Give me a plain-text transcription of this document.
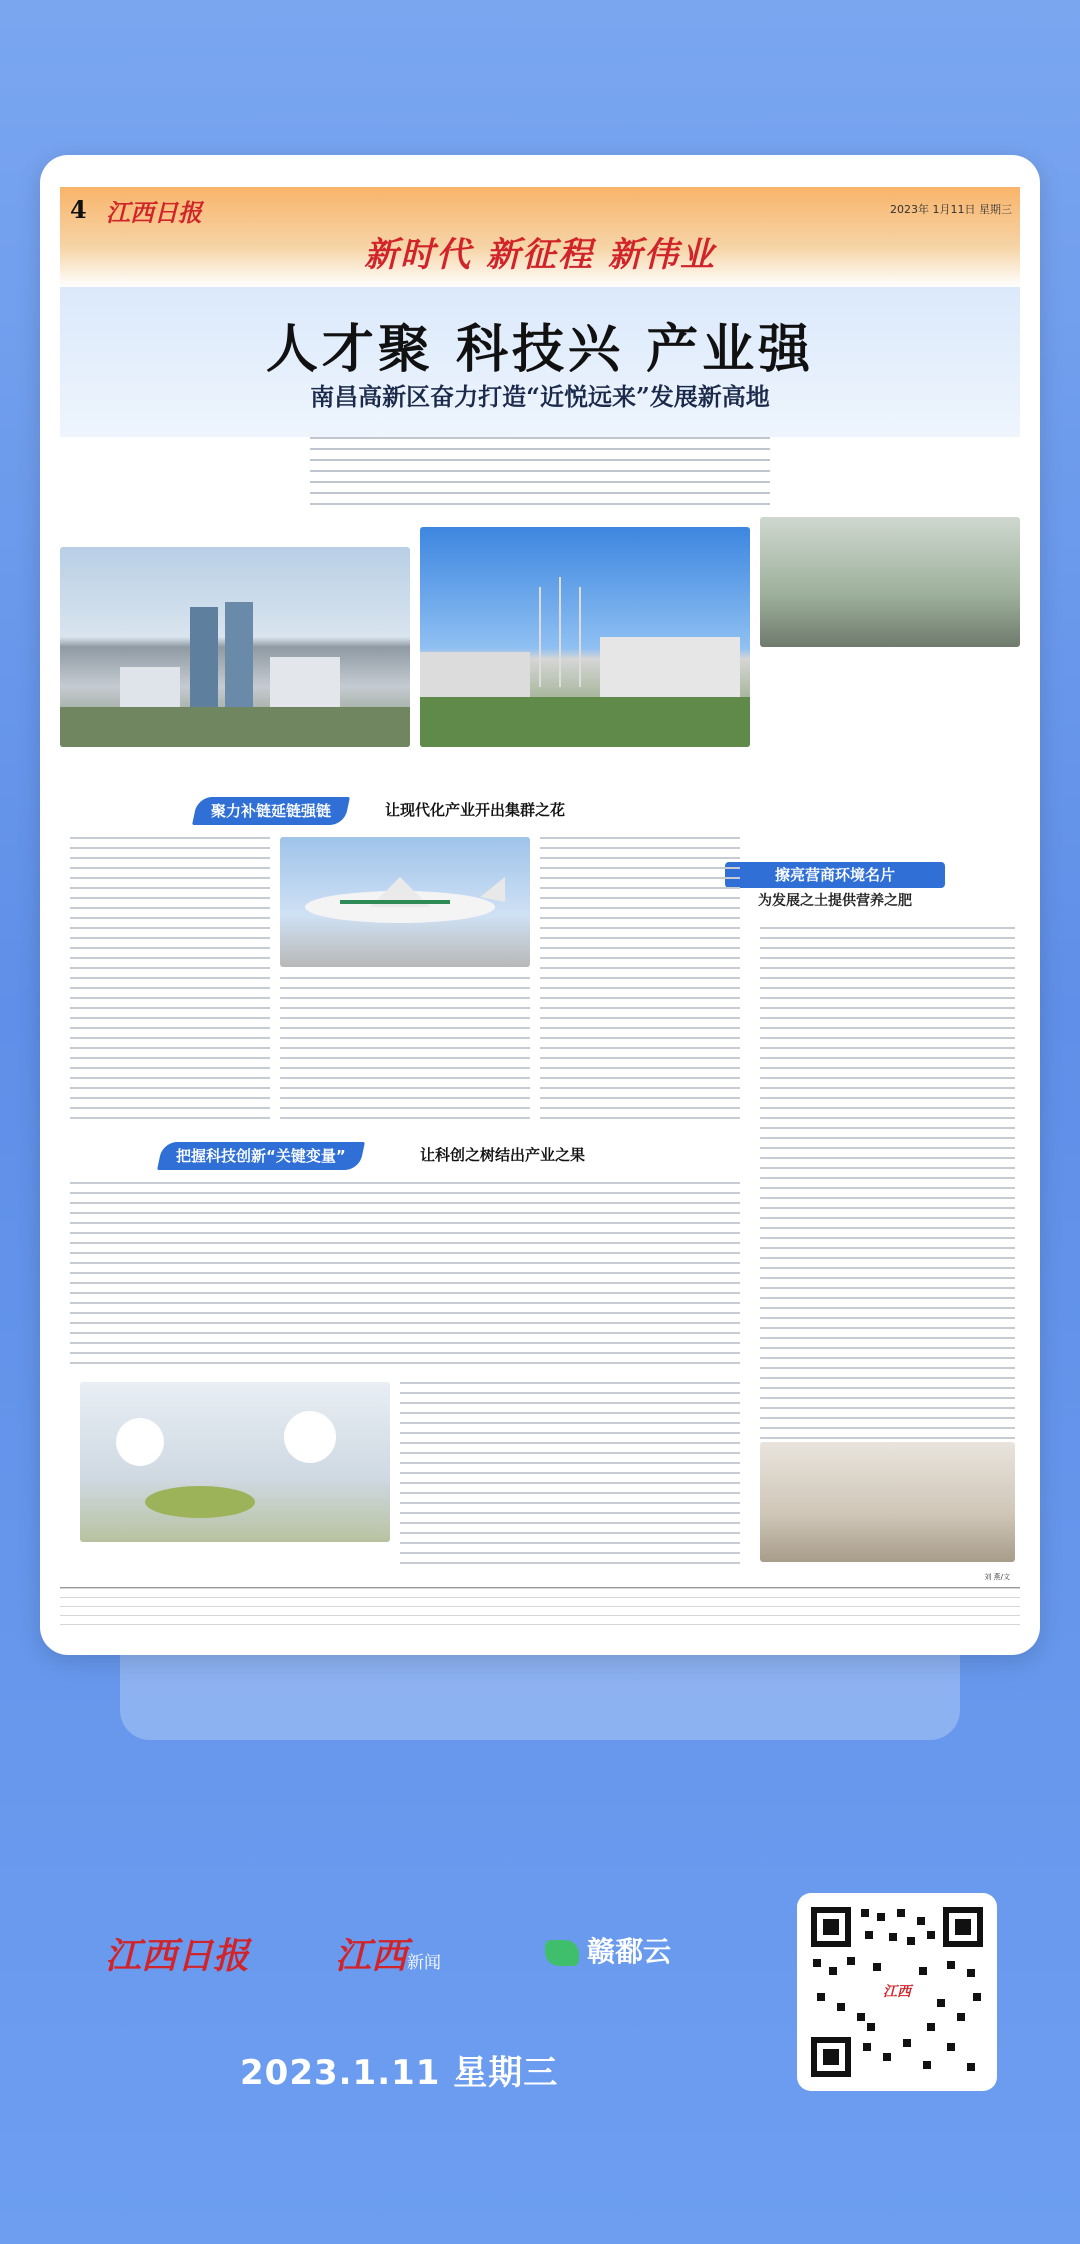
4 江西日报	2023年 1月11日 星期三
新时代 新征程 新伟业
人才聚 科技兴 产业强
南昌高新区奋力打造“近悦远来”发展新高地
擦亮营商环境名片
为发展之土提供营养之肥
聚力补链延链强链	让现代化产业开出集群之花
把握科技创新“关键变量”	让科创之树结出产业之果
刘 燕/文
江西日报 江西新闻	赣鄱云
2023.1.11 星期三
江西
